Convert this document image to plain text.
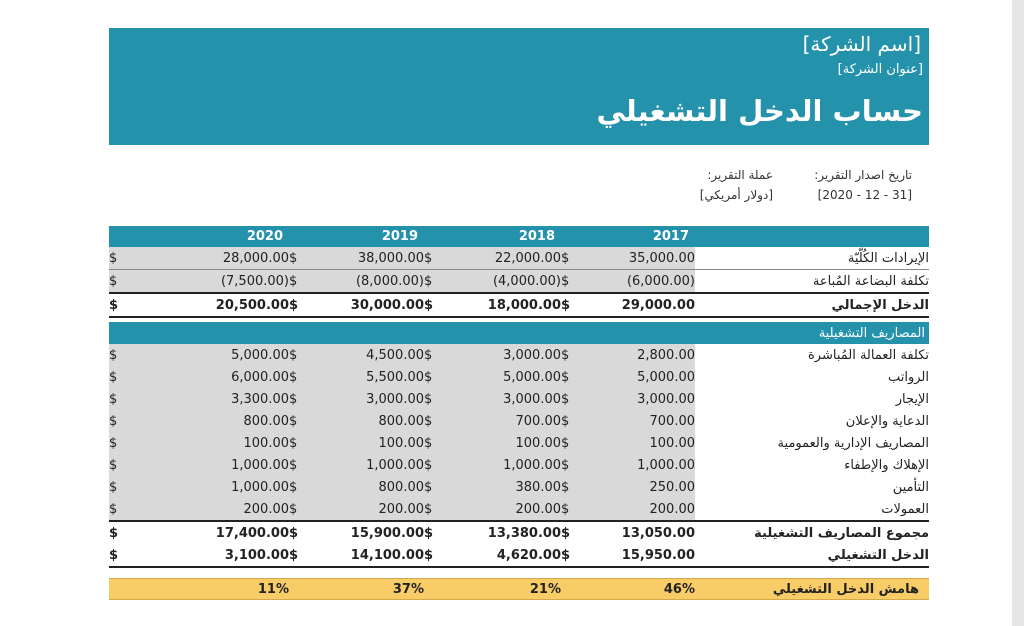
[اسم الشركة]
[عنوان الشركة]
حساب الدخل التشغيلي
تاريخ اصدار التقرير:
[2020 - 12 - 31]
عملة التقرير:
[دولار أمريكي]
	2020		2019		2018		2017	
$	28,000.00	$	38,000.00	$	22,000.00	$	35,000.00	الإيرادات الكُلّيّة
$	(7,500.00)	$	(8,000.00)	$	(4,000.00)	$	(6,000.00)	تكلفة البضاعة المُباعة
$	20,500.00	$	30,000.00	$	18,000.00	$	29,000.00	الدخل الإجمالي
								المصاريف التشغيلية
$	5,000.00	$	4,500.00	$	3,000.00	$	2,800.00	تكلفة العمالة المُباشرة
$	6,000.00	$	5,500.00	$	5,000.00	$	5,000.00	الرواتب
$	3,300.00	$	3,000.00	$	3,000.00	$	3,000.00	الإيجار
$	800.00	$	800.00	$	700.00	$	700.00	الدعاية والإعلان
$	100.00	$	100.00	$	100.00	$	100.00	المصاريف الإدارية والعمومية
$	1,000.00	$	1,000.00	$	1,000.00	$	1,000.00	الإهلاك والإطفاء
$	1,000.00	$	800.00	$	380.00	$	250.00	التأمين
$	200.00	$	200.00	$	200.00	$	200.00	العمولات
$	17,400.00	$	15,900.00	$	13,380.00	$	13,050.00	مجموع المصاريف التشغيلية
$	3,100.00	$	14,100.00	$	4,620.00	$	15,950.00	الدخل التشغيلي

	11%		37%		21%		46%	هامش الدخل التشغيلي
